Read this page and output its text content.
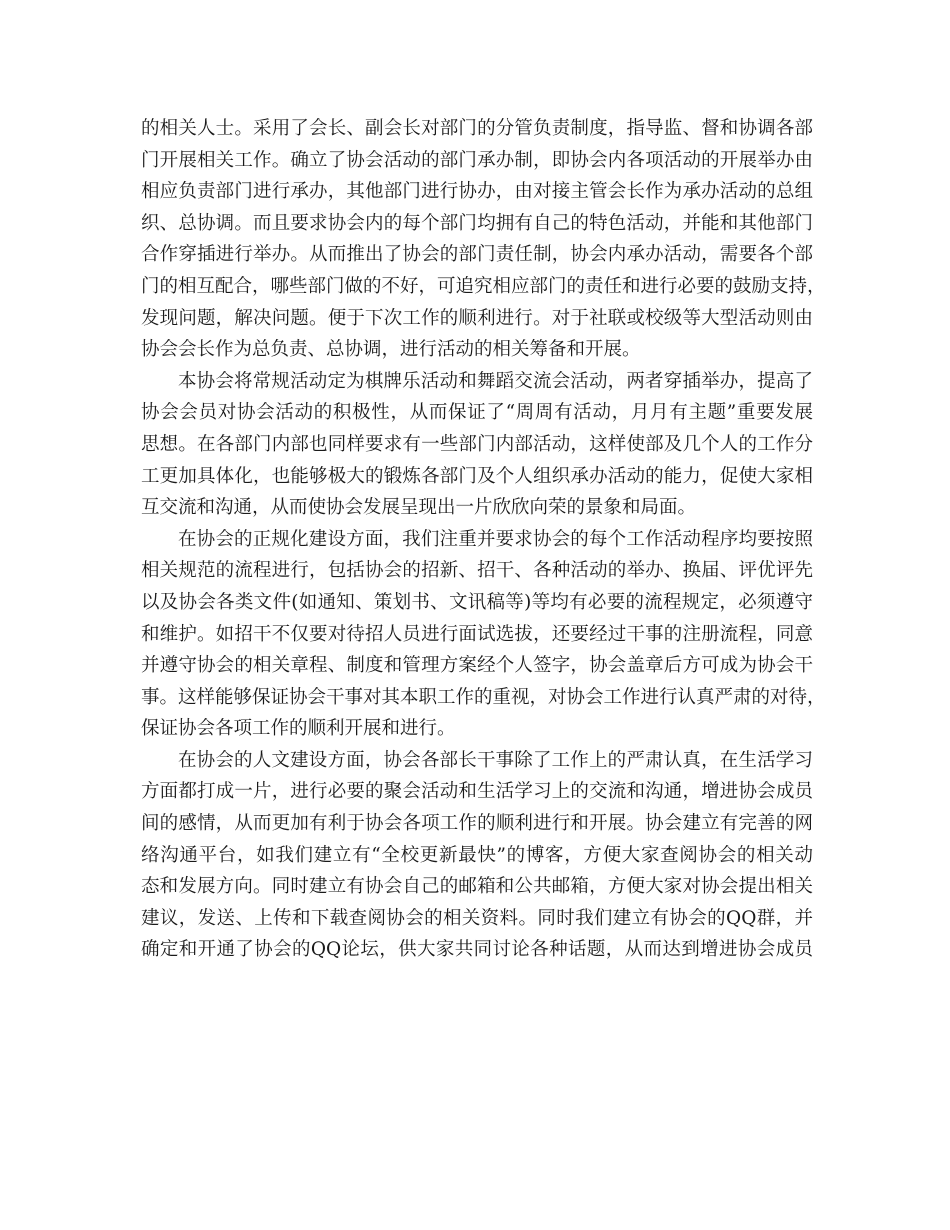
的相关人士。采用了会长、副会长对部门的分管负责制度，指导监、督和协调各部
门开展相关工作。确立了协会活动的部门承办制，即协会内各项活动的开展举办由
相应负责部门进行承办，其他部门进行协办，由对接主管会长作为承办活动的总组
织、总协调。而且要求协会内的每个部门均拥有自己的特色活动，并能和其他部门
合作穿插进行举办。从而推出了协会的部门责任制，协会内承办活动，需要各个部
门的相互配合，哪些部门做的不好，可追究相应部门的责任和进行必要的鼓励支持，
发现问题，解决问题。便于下次工作的顺利进行。对于社联或校级等大型活动则由
协会会长作为总负责、总协调，进行活动的相关筹备和开展。
本协会将常规活动定为棋牌乐活动和舞蹈交流会活动，两者穿插举办，提高了
协会会员对协会活动的积极性，从而保证了“周周有活动，月月有主题”重要发展
思想。在各部门内部也同样要求有一些部门内部活动，这样使部及几个人的工作分
工更加具体化，也能够极大的锻炼各部门及个人组织承办活动的能力，促使大家相
互交流和沟通，从而使协会发展呈现出一片欣欣向荣的景象和局面。
在协会的正规化建设方面，我们注重并要求协会的每个工作活动程序均要按照
相关规范的流程进行，包括协会的招新、招干、各种活动的举办、换届、评优评先
以及协会各类文件(如通知、策划书、文讯稿等)等均有必要的流程规定，必须遵守
和维护。如招干不仅要对待招人员进行面试选拔，还要经过干事的注册流程，同意
并遵守协会的相关章程、制度和管理方案经个人签字，协会盖章后方可成为协会干
事。这样能够保证协会干事对其本职工作的重视，对协会工作进行认真严肃的对待，
保证协会各项工作的顺利开展和进行。
在协会的人文建设方面，协会各部长干事除了工作上的严肃认真，在生活学习
方面都打成一片，进行必要的聚会活动和生活学习上的交流和沟通，增进协会成员
间的感情，从而更加有利于协会各项工作的顺利进行和开展。协会建立有完善的网
络沟通平台，如我们建立有“全校更新最快”的博客，方便大家查阅协会的相关动
态和发展方向。同时建立有协会自己的邮箱和公共邮箱，方便大家对协会提出相关
建议，发送、上传和下载查阅协会的相关资料。同时我们建立有协会的QQ群，并
确定和开通了协会的QQ论坛，供大家共同讨论各种话题，从而达到增进协会成员
